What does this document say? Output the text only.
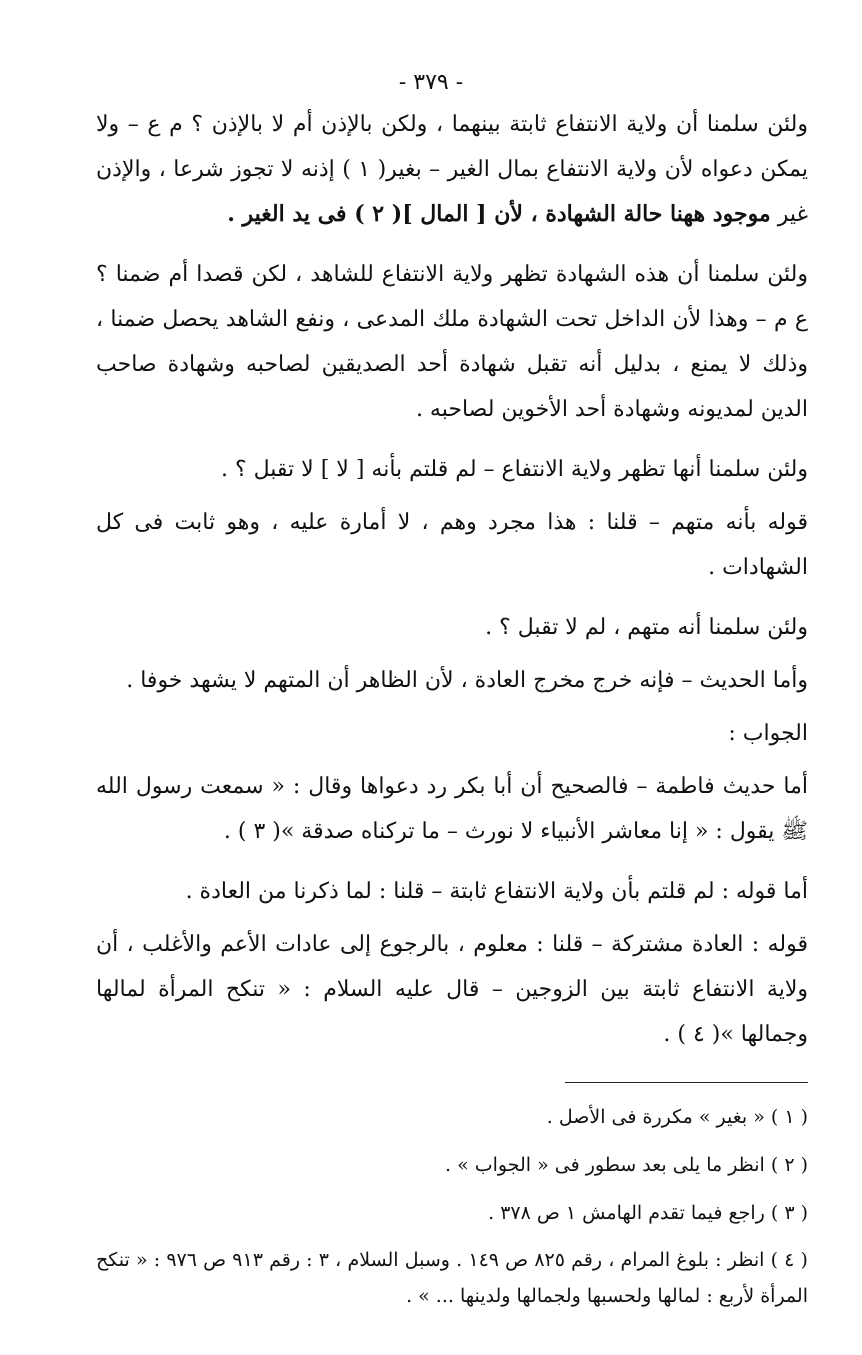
- ٣٧٩ -

ولئن سلمنا أن ولاية الانتفاع ثابتة بينهما ، ولكن بالإذن أم لا بالإذن ؟ م ع – ولا يمكن دعواه لأن ولاية الانتفاع بمال الغير – بغير( ١ ) إذنه لا تجوز شرعا ، والإذن غير موجود ههنا حالة الشهادة ، لأن [ المال ]( ٢ ) فى يد الغير .

ولئن سلمنا أن هذه الشهادة تظهر ولاية الانتفاع للشاهد ، لكن قصدا أم ضمنا ؟ ع م – وهذا لأن الداخل تحت الشهادة ملك المدعى ، ونفع الشاهد يحصل ضمنا ، وذلك لا يمنع ، بدليل أنه تقبل شهادة أحد الصديقين لصاحبه وشهادة صاحب الدين لمديونه وشهادة أحد الأخوين لصاحبه .

ولئن سلمنا أنها تظهر ولاية الانتفاع – لم قلتم بأنه [ لا ] لا تقبل ؟ .

قوله بأنه متهم – قلنا : هذا مجرد وهم ، لا أمارة عليه ، وهو ثابت فى كل الشهادات .

ولئن سلمنا أنه متهم ، لم لا تقبل ؟ .

وأما الحديث – فإنه خرج مخرج العادة ، لأن الظاهر أن المتهم لا يشهد خوفا .

الجواب :

أما حديث فاطمة – فالصحيح أن أبا بكر رد دعواها وقال : « سمعت رسول الله ﷺ يقول : « إنا معاشر الأنبياء لا نورث – ما تركناه صدقة »( ٣ ) .

أما قوله : لم قلتم بأن ولاية الانتفاع ثابتة – قلنا : لما ذكرنا من العادة .

قوله : العادة مشتركة – قلنا : معلوم ، بالرجوع إلى عادات الأعم والأغلب ، أن ولاية الانتفاع ثابتة بين الزوجين – قال عليه السلام : « تنكح المرأة لمالها وجمالها »( ٤ ) .

( ١ ) « بغير » مكررة فى الأصل .

( ٢ ) انظر ما يلى بعد سطور فى « الجواب » .

( ٣ ) راجع فيما تقدم الهامش ١ ص ٣٧٨ .

( ٤ ) انظر : بلوغ المرام ، رقم ٨٢٥ ص ١٤٩ . وسبل السلام ، ٣ : رقم ٩١٣ ص ٩٧٦ : « تنكح المرأة لأربع : لمالها ولحسبها ولجمالها ولدينها ... » .
